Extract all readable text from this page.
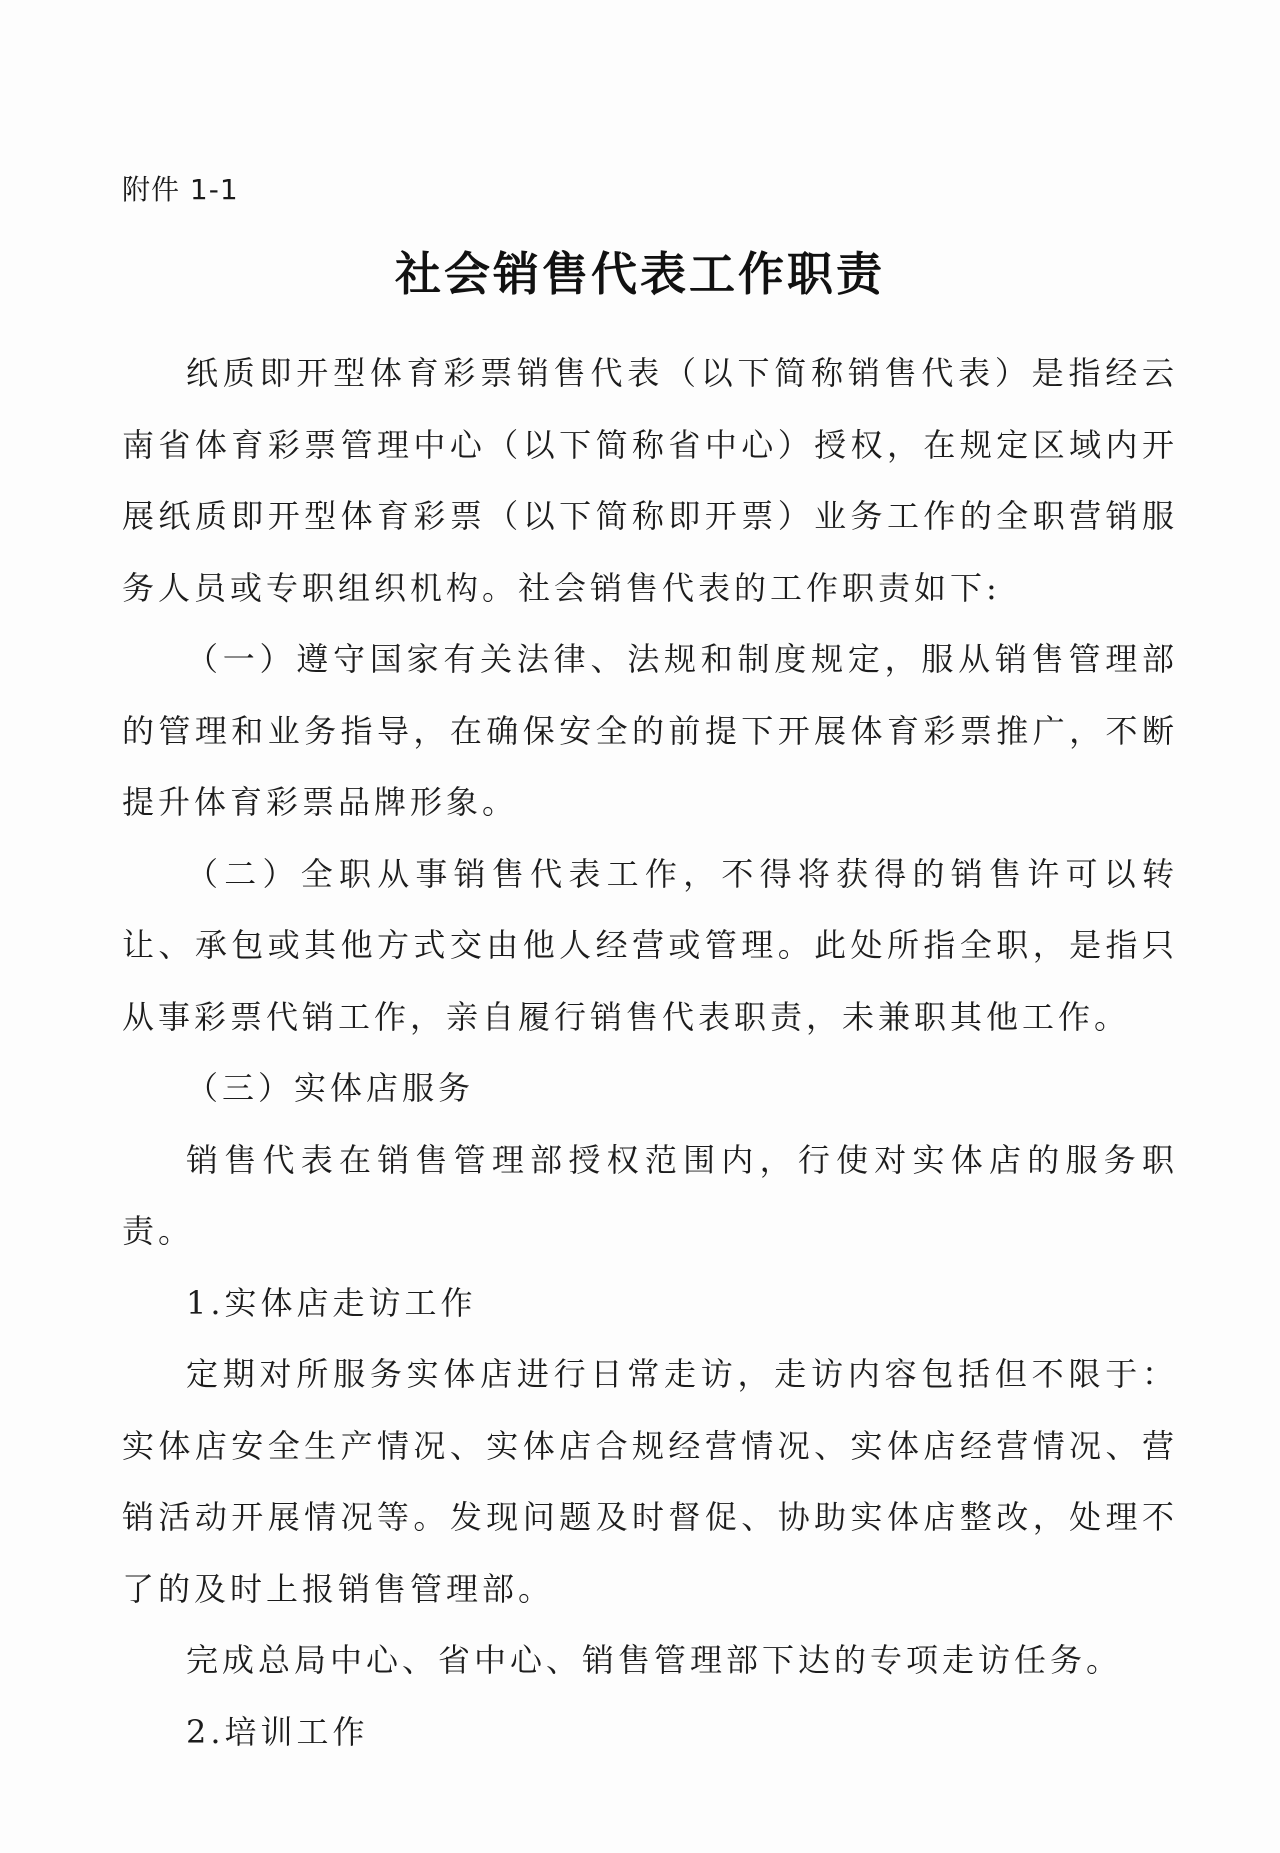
附件 1-1
社会销售代表工作职责

纸质即开型体育彩票销售代表（以下简称销售代表）是指经云南省体育彩票管理中心（以下简称省中心）授权，在规定区域内开展纸质即开型体育彩票（以下简称即开票）业务工作的全职营销服务人员或专职组织机构。社会销售代表的工作职责如下:

（一）遵守国家有关法律、法规和制度规定，服从销售管理部的管理和业务指导，在确保安全的前提下开展体育彩票推广，不断提升体育彩票品牌形象。

（二）全职从事销售代表工作，不得将获得的销售许可以转让、承包或其他方式交由他人经营或管理。此处所指全职，是指只从事彩票代销工作，亲自履行销售代表职责，未兼职其他工作。

（三）实体店服务

销售代表在销售管理部授权范围内，行使对实体店的服务职责。

1.实体店走访工作

定期对所服务实体店进行日常走访，走访内容包括但不限于：实体店安全生产情况、实体店合规经营情况、实体店经营情况、营销活动开展情况等。发现问题及时督促、协助实体店整改，处理不了的及时上报销售管理部。

完成总局中心、省中心、销售管理部下达的专项走访任务。

2.培训工作
